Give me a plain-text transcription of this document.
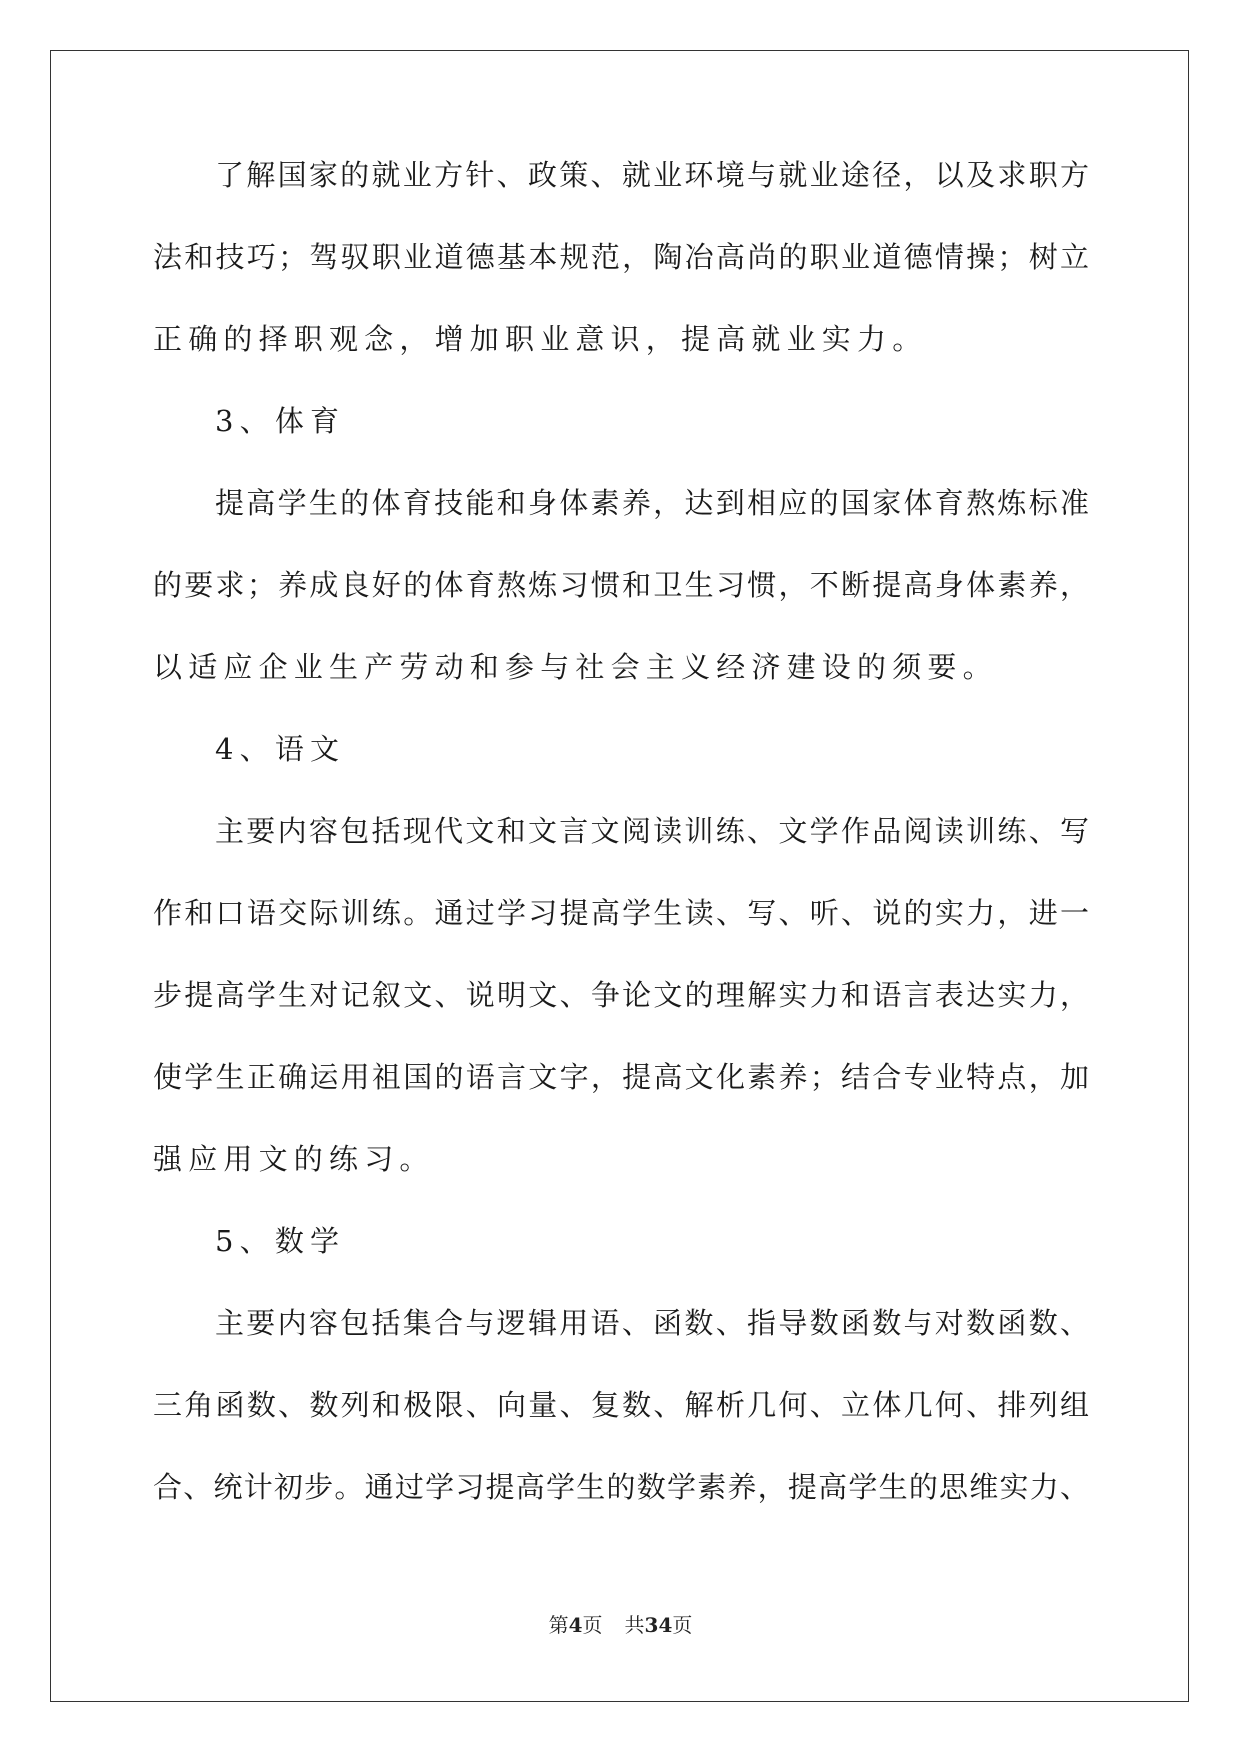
了解国家的就业方针、政策、就业环境与就业途径，以及求职方
法和技巧；驾驭职业道德基本规范，陶冶高尚的职业道德情操；树立
正确的择职观念，增加职业意识，提高就业实力。
3、体育
提高学生的体育技能和身体素养，达到相应的国家体育熬炼标准
的要求；养成良好的体育熬炼习惯和卫生习惯，不断提高身体素养，
以适应企业生产劳动和参与社会主义经济建设的须要。
4、语文
主要内容包括现代文和文言文阅读训练、文学作品阅读训练、写
作和口语交际训练。通过学习提高学生读、写、听、说的实力，进一
步提高学生对记叙文、说明文、争论文的理解实力和语言表达实力，
使学生正确运用祖国的语言文字，提高文化素养；结合专业特点，加
强应用文的练习。
5、数学
主要内容包括集合与逻辑用语、函数、指导数函数与对数函数、
三角函数、数列和极限、向量、复数、解析几何、立体几何、排列组
合、统计初步。通过学习提高学生的数学素养，提高学生的思维实力、
第4页 共34页
